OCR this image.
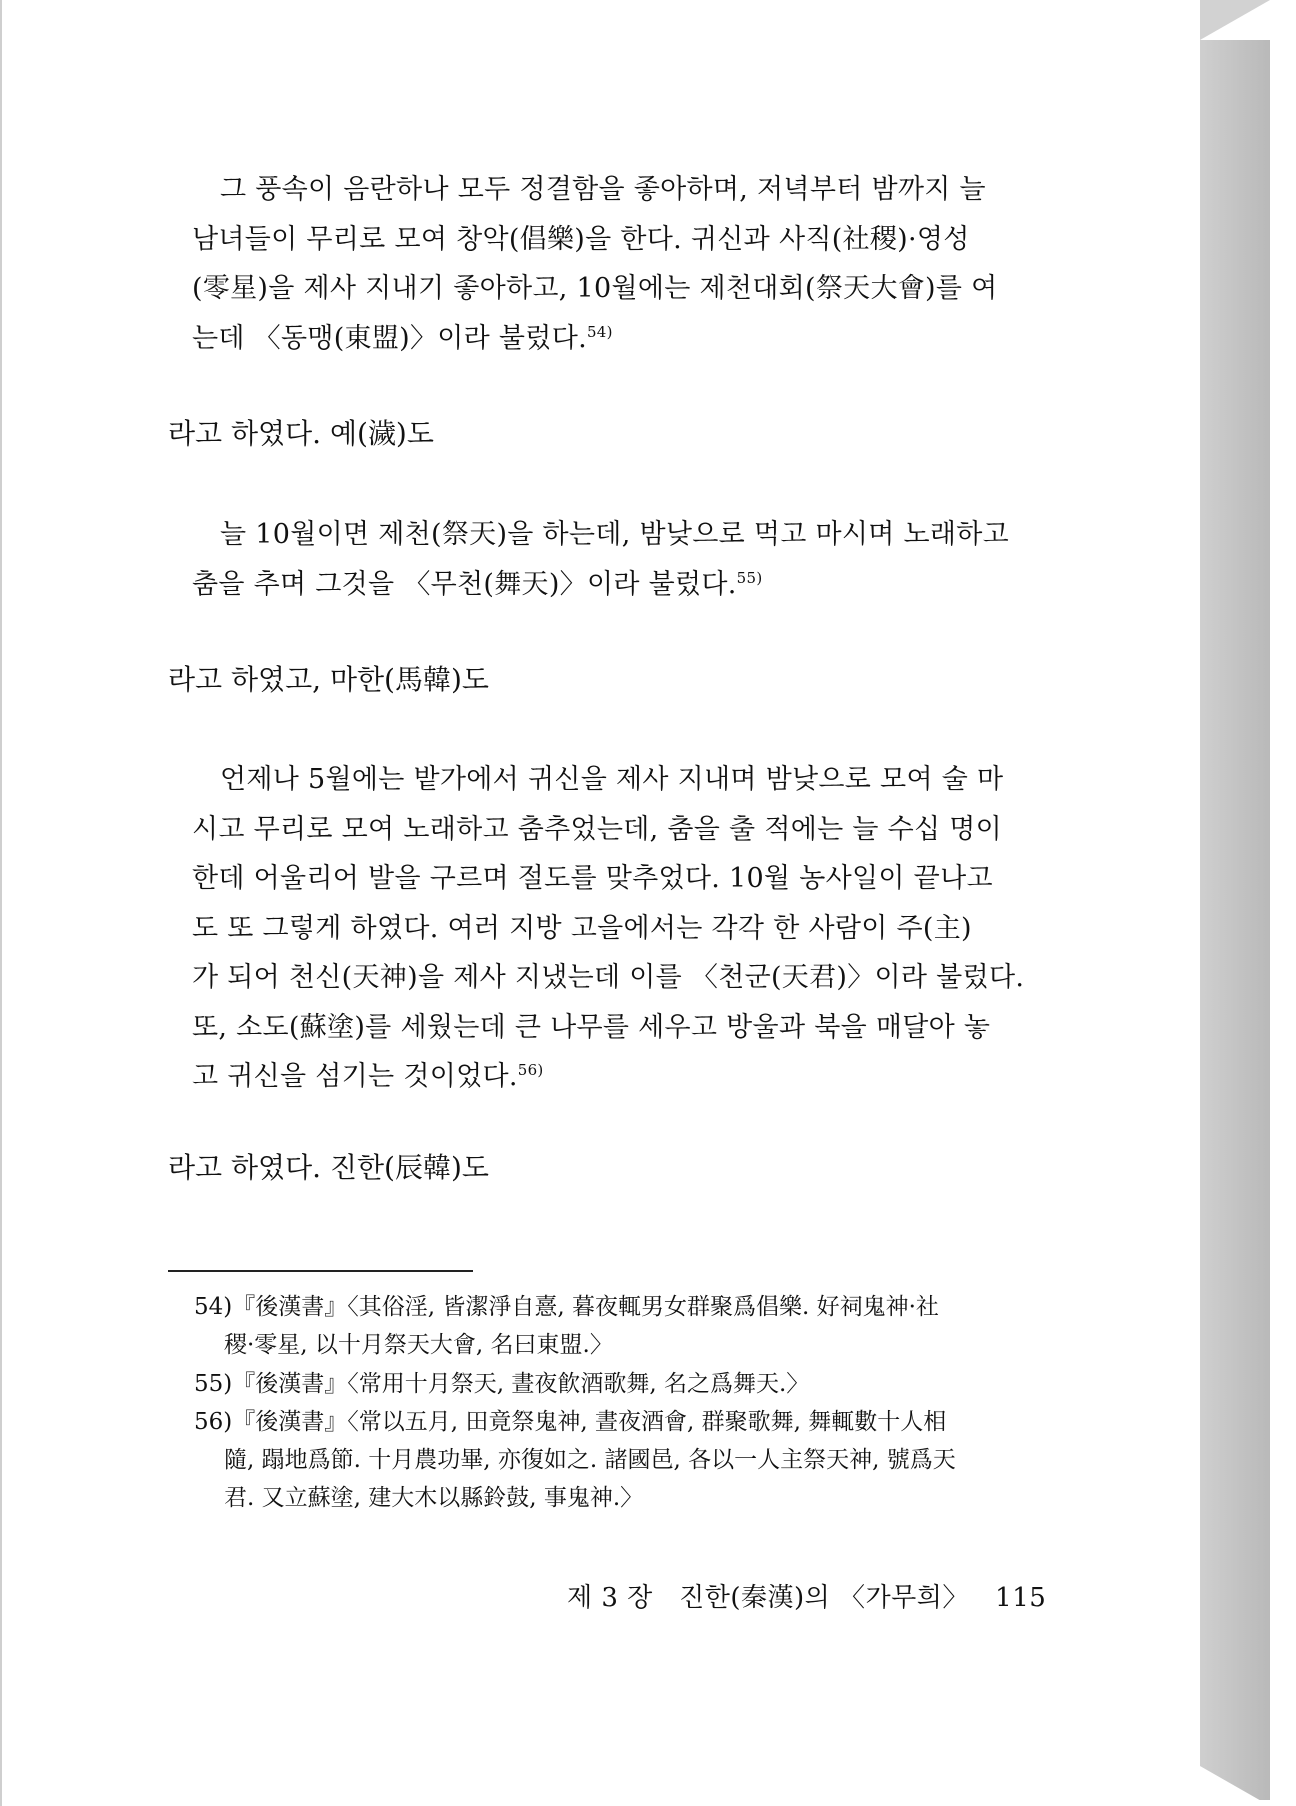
그 풍속이 음란하나 모두 정결함을 좋아하며, 저녁부터 밤까지 늘
남녀들이 무리로 모여 창악(倡樂)을 한다. 귀신과 사직(社稷)·영성
(零星)을 제사 지내기 좋아하고, 10월에는 제천대회(祭天大會)를 여
는데 〈동맹(東盟)〉이라 불렀다.$^{54)}$
라고 하였다. 예(濊)도
늘 10월이면 제천(祭天)을 하는데, 밤낮으로 먹고 마시며 노래하고
춤을 추며 그것을 〈무천(舞天)〉이라 불렀다.$^{55)}$
라고 하였고, 마한(馬韓)도
언제나 5월에는 밭가에서 귀신을 제사 지내며 밤낮으로 모여 술 마
시고 무리로 모여 노래하고 춤추었는데, 춤을 출 적에는 늘 수십 명이
한데 어울리어 발을 구르며 절도를 맞추었다. 10월 농사일이 끝나고
도 또 그렇게 하였다. 여러 지방 고을에서는 각각 한 사람이 주(主)
가 되어 천신(天神)을 제사 지냈는데 이를 〈천군(天君)〉이라 불렀다.
또, 소도(蘇塗)를 세웠는데 큰 나무를 세우고 방울과 북을 매달아 놓
고 귀신을 섬기는 것이었다.$^{56)}$
라고 하였다. 진한(辰韓)도
54)『後漢書』〈其俗淫, 皆潔淨自憙, 暮夜輒男女群聚爲倡樂. 好祠鬼神·社
稷·零星, 以十月祭天大會, 名曰東盟.〉
55)『後漢書』〈常用十月祭天, 晝夜飮酒歌舞, 名之爲舞天.〉
56)『後漢書』〈常以五月, 田竟祭鬼神, 晝夜酒會, 群聚歌舞, 舞輒數十人相
隨, 蹋地爲節. 十月農功畢, 亦復如之. 諸國邑, 各以一人主祭天神, 號爲天
君. 又立蘇塗, 建大木以縣鈴鼓, 事鬼神.〉
제 3 장 진한(秦漢)의 〈가무희〉 115
